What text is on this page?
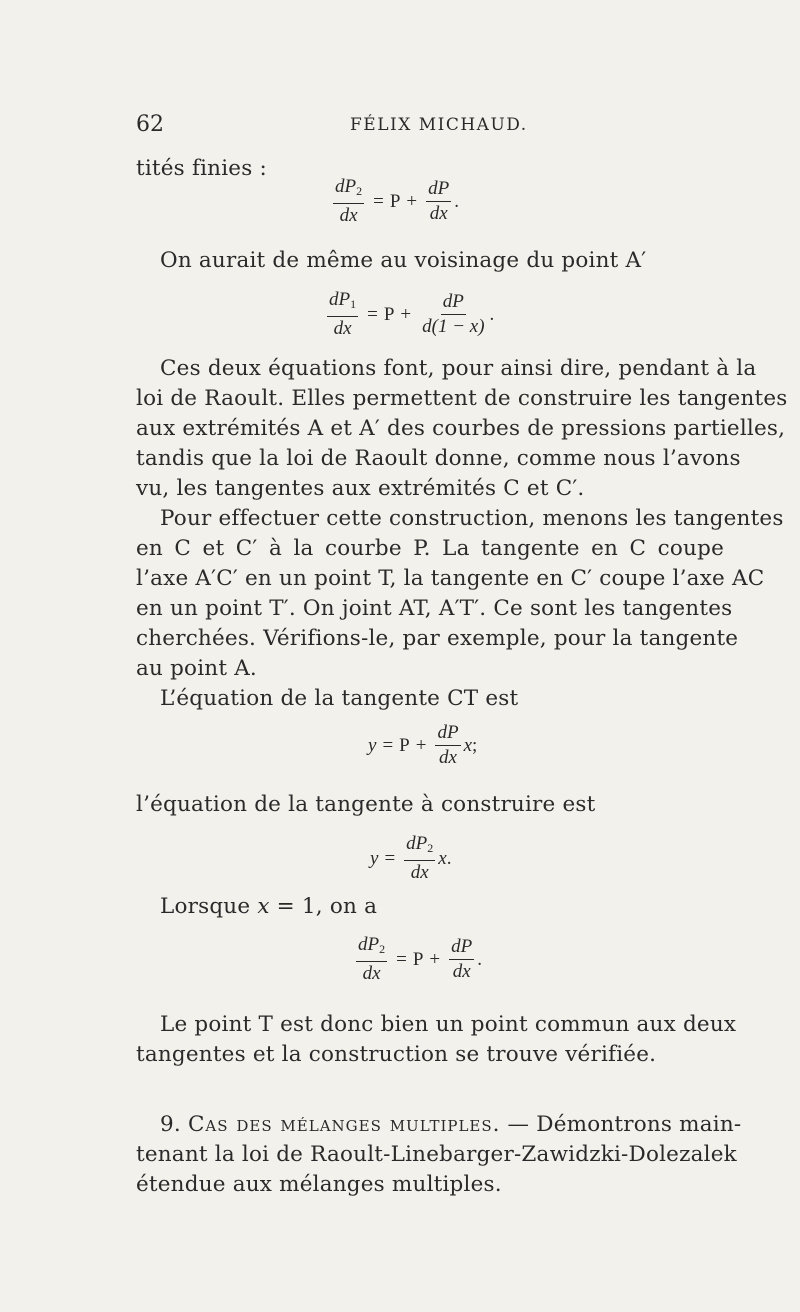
62	FÉLIX MICHAUD.
tités finies :
$\frac{dP_2}{dx} = P + \frac{dP}{dx}$ .
On aurait de même au voisinage du point A′
$\frac{dP_1}{dx} = P + \frac{dP}{d(1 - x)}$ .
Ces deux équations font, pour ainsi dire, pendant à la
loi de Raoult. Elles permettent de construire les tangentes
aux extrémités A et A′ des courbes de pressions partielles,
tandis que la loi de Raoult donne, comme nous l’avons
vu, les tangentes aux extrémités C et C′.
Pour effectuer cette construction, menons les tangentes
en C et C′ à la courbe P. La tangente en C coupe
l’axe A′C′ en un point T, la tangente en C′ coupe l’axe AC
en un point T′. On joint AT, A′T′. Ce sont les tangentes
cherchées. Vérifions-le, par exemple, pour la tangente
au point A.
L’équation de la tangente CT est
$y = P + \frac{dP}{dx}$ x ;
l’équation de la tangente à construire est
$y = \frac{dP_2}{dx}$ x .
Lorsque x = 1, on a
$\frac{dP_2}{dx} = P + \frac{dP}{dx}$ .
Le point T est donc bien un point commun aux deux
tangentes et la construction se trouve vérifiée.
9. Cas des mélanges multiples. — Démontrons main-
tenant la loi de Raoult-Linebarger-Zawidzki-Dolezalek
étendue aux mélanges multiples.
